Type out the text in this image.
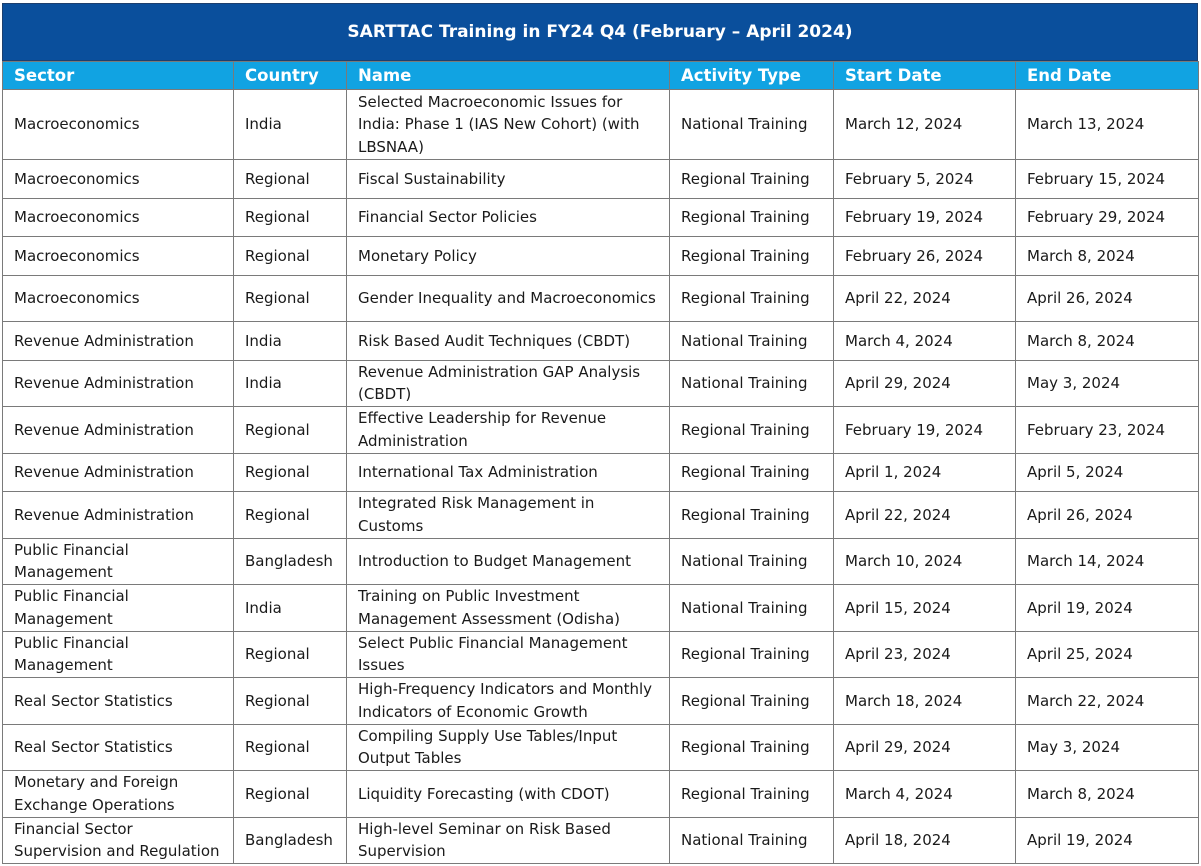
SARTTAC Training in FY24 Q4 (February – April 2024)
Sector	Country	Name	Activity Type	Start Date	End Date
Macroeconomics	India	Selected Macroeconomic Issues for India: Phase 1 (IAS New Cohort) (with LBSNAA)	National Training	March 12, 2024	March 13, 2024
Macroeconomics	Regional	Fiscal Sustainability	Regional Training	February 5, 2024	February 15, 2024
Macroeconomics	Regional	Financial Sector Policies	Regional Training	February 19, 2024	February 29, 2024
Macroeconomics	Regional	Monetary Policy	Regional Training	February 26, 2024	March 8, 2024
Macroeconomics	Regional	Gender Inequality and Macroeconomics	Regional Training	April 22, 2024	April 26, 2024
Revenue Administration	India	Risk Based Audit Techniques (CBDT)	National Training	March 4, 2024	March 8, 2024
Revenue Administration	India	Revenue Administration GAP Analysis (CBDT)	National Training	April 29, 2024	May 3, 2024
Revenue Administration	Regional	Effective Leadership for Revenue Administration	Regional Training	February 19, 2024	February 23, 2024
Revenue Administration	Regional	International Tax Administration	Regional Training	April 1, 2024	April 5, 2024
Revenue Administration	Regional	Integrated Risk Management in Customs	Regional Training	April 22, 2024	April 26, 2024
Public Financial Management	Bangladesh	Introduction to Budget Management	National Training	March 10, 2024	March 14, 2024
Public Financial Management	India	Training on Public Investment Management Assessment (Odisha)	National Training	April 15, 2024	April 19, 2024
Public Financial Management	Regional	Select Public Financial Management Issues	Regional Training	April 23, 2024	April 25, 2024
Real Sector Statistics	Regional	High-Frequency Indicators and Monthly Indicators of Economic Growth	Regional Training	March 18, 2024	March 22, 2024
Real Sector Statistics	Regional	Compiling Supply Use Tables/Input Output Tables	Regional Training	April 29, 2024	May 3, 2024
Monetary and Foreign Exchange Operations	Regional	Liquidity Forecasting (with CDOT)	Regional Training	March 4, 2024	March 8, 2024
Financial Sector Supervision and Regulation	Bangladesh	High-level Seminar on Risk Based Supervision	National Training	April 18, 2024	April 19, 2024
